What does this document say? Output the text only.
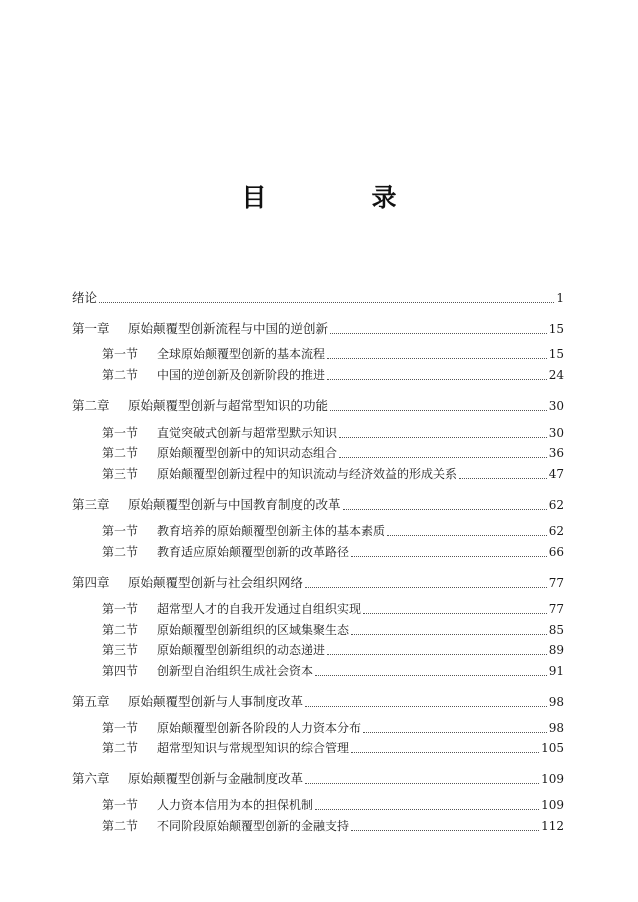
目　录
绪论	1
第一章	原始颠覆型创新流程与中国的逆创新	15
第一节	全球原始颠覆型创新的基本流程	15
第二节	中国的逆创新及创新阶段的推进	24
第二章	原始颠覆型创新与超常型知识的功能	30
第一节	直觉突破式创新与超常型默示知识	30
第二节	原始颠覆型创新中的知识动态组合	36
第三节	原始颠覆型创新过程中的知识流动与经济效益的形成关系	47
第三章	原始颠覆型创新与中国教育制度的改革	62
第一节	教育培养的原始颠覆型创新主体的基本素质	62
第二节	教育适应原始颠覆型创新的改革路径	66
第四章	原始颠覆型创新与社会组织网络	77
第一节	超常型人才的自我开发通过自组织实现	77
第二节	原始颠覆型创新组织的区域集聚生态	85
第三节	原始颠覆型创新组织的动态递进	89
第四节	创新型自治组织生成社会资本	91
第五章	原始颠覆型创新与人事制度改革	98
第一节	原始颠覆型创新各阶段的人力资本分布	98
第二节	超常型知识与常规型知识的综合管理	105
第六章	原始颠覆型创新与金融制度改革	109
第一节	人力资本信用为本的担保机制	109
第二节	不同阶段原始颠覆型创新的金融支持	112
